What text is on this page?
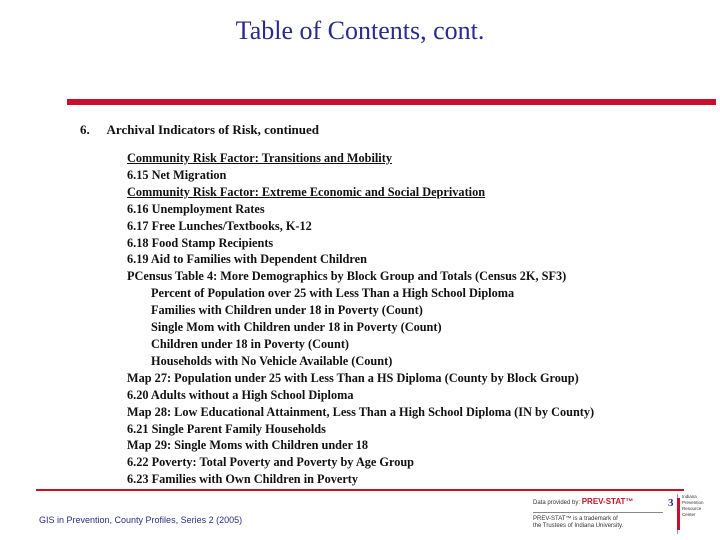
Table of Contents, cont.
6. Archival Indicators of Risk, continued
Community Risk Factor: Transitions and Mobility
6.15 Net Migration
Community Risk Factor: Extreme Economic and Social Deprivation
6.16 Unemployment Rates
6.17 Free Lunches/Textbooks, K-12
6.18 Food Stamp Recipients
6.19 Aid to Families with Dependent Children
PCensus Table 4: More Demographics by Block Group and Totals (Census 2K, SF3)
Percent of Population over 25 with Less Than a High School Diploma
Families with Children under 18 in Poverty (Count)
Single Mom with Children under 18 in Poverty (Count)
Children under 18 in Poverty (Count)
Households with No Vehicle Available (Count)
Map 27: Population under 25 with Less Than a HS Diploma (County by Block Group)
6.20 Adults without a High School Diploma
Map 28: Low Educational Attainment, Less Than a High School Diploma (IN by County)
6.21 Single Parent Family Households
Map 29: Single Moms with Children under 18
6.22 Poverty: Total Poverty and Poverty by Age Group
6.23 Families with Own Children in Poverty
GIS in Prevention, County Profiles, Series 2 (2005)
Data provided by: PREV-STAT™
PREV-STAT™ is a trademark of
the Trustees of Indiana University.
3
Indiana
Prevention
Resource
Center
